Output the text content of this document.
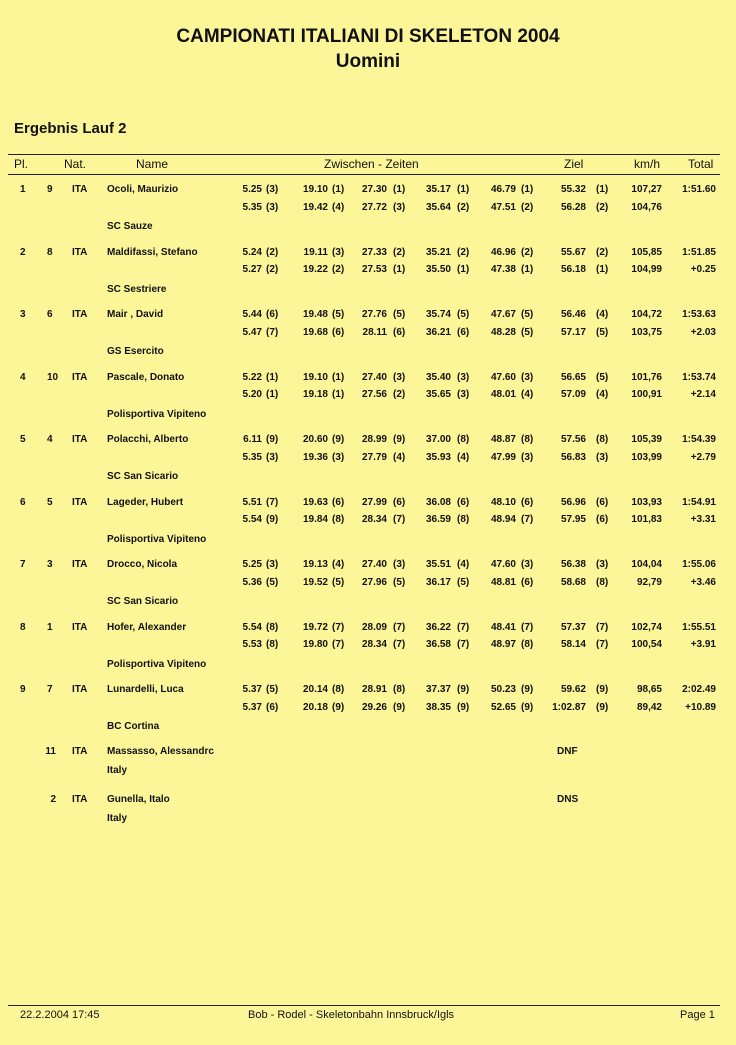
CAMPIONATI ITALIANI DI SKELETON 2004
Uomini
Ergebnis Lauf 2
Pl.	Nat.	Name	Zwischen - Zeiten	Ziel	km/h Total
1 9 ITA Ocoli, Maurizio
SC Sauze
5.25 (3) 19.10 (1) 27.30 (1) 35.17 (1) 46.79 (1)	55.32 (1) 107,27 1:51.60
5.35 (3) 19.42 (4) 27.72 (3) 35.64 (2) 47.51 (2)	56.28 (2) 104,76
2 8 ITA Maldifassi, Stefano
SC Sestriere
5.24 (2)	19.11 (3) 27.33 (2) 35.21 (2) 46.96 (2)	55.67 (2) 105,85 1:51.85
5.27 (2) 19.22 (2) 27.53 (1) 35.50 (1) 47.38 (1)	56.18 (1) 104,99	+0.25
3 6 ITA Mair , David
GS Esercito
5.44 (6) 19.48 (5) 27.76 (5) 35.74 (5) 47.67 (5)	56.46 (4) 104,72 1:53.63
5.47 (7) 19.68 (6) 28.11 (6) 36.21 (6) 48.28 (5)	57.17 (5) 103,75	+2.03
4 10 ITA Pascale, Donato
Polisportiva Vipiteno
5.22 (1) 19.10 (1) 27.40 (3) 35.40 (3) 47.60 (3)	56.65 (5) 101,76 1:53.74
5.20 (1) 19.18 (1) 27.56 (2) 35.65 (3) 48.01 (4)	57.09 (4) 100,91	+2.14
5 4 ITA Polacchi, Alberto
SC San Sicario
6.11 (9) 20.60 (9) 28.99 (9) 37.00 (8) 48.87 (8)	57.56 (8) 105,39 1:54.39
5.35 (3) 19.36 (3) 27.79 (4) 35.93 (4) 47.99 (3)	56.83 (3) 103,99	+2.79
6 5 ITA Lageder, Hubert
Polisportiva Vipiteno
5.51 (7) 19.63 (6) 27.99 (6) 36.08 (6) 48.10 (6)	56.96 (6) 103,93 1:54.91
5.54 (9) 19.84 (8) 28.34 (7) 36.59 (8) 48.94 (7)	57.95 (6) 101,83	+3.31
7 3 ITA Drocco, Nicola
SC San Sicario
5.25 (3) 19.13 (4) 27.40 (3) 35.51 (4) 47.60 (3)	56.38 (3) 104,04 1:55.06
5.36 (5) 19.52 (5) 27.96 (5) 36.17 (5) 48.81 (6)	58.68 (8)	92,79	+3.46
8 1 ITA Hofer, Alexander
Polisportiva Vipiteno
5.54 (8) 19.72 (7) 28.09 (7) 36.22 (7) 48.41 (7)	57.37 (7) 102,74 1:55.51
5.53 (8) 19.80 (7) 28.34 (7) 36.58 (7) 48.97 (8)	58.14 (7) 100,54	+3.91
9 7 ITA Lunardelli, Luca
BC Cortina
5.37 (5) 20.14 (8) 28.91 (8) 37.37 (9) 50.23 (9)	59.62 (9)	98,65 2:02.49
5.37 (6) 20.18 (9) 29.26 (9) 38.35 (9) 52.65 (9) 1:02.87 (9)	89,42 +10.89
11 ITA Massasso, Alessandrc
Italy
DNF
2 ITA Gunella, Italo
Italy
DNS
22.2.2004 17:45	Bob - Rodel - Skeletonbahn Innsbruck/Igls	Page 1
